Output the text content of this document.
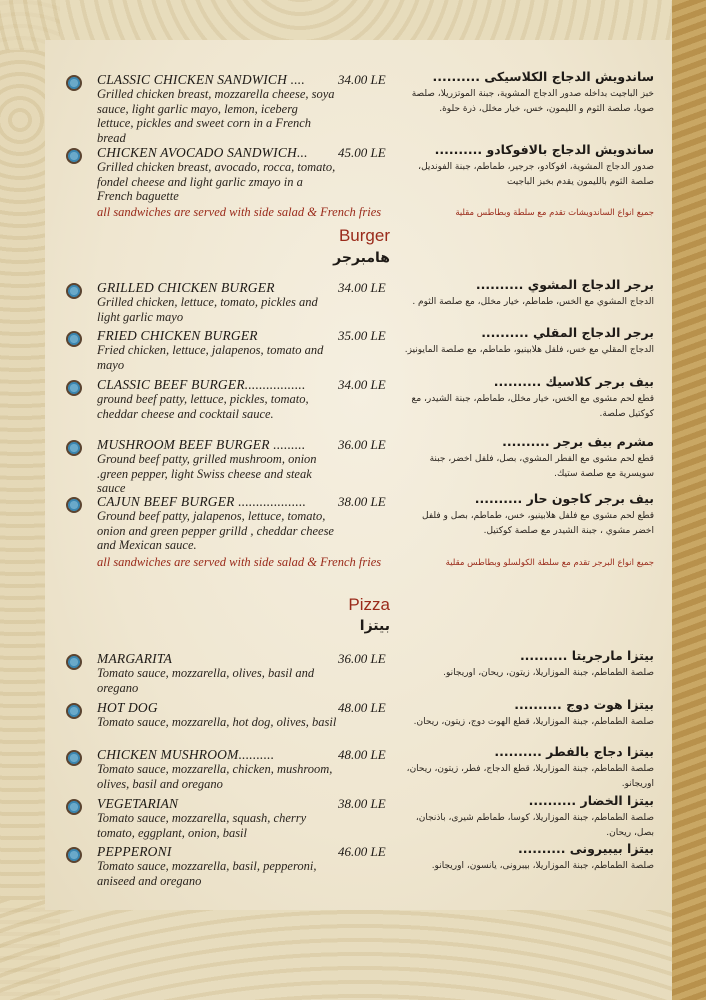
all sandwiches are served with side salad & French fries	جميع انواع الساندويشات تقدم مع سلطة وبطاطس مقلية
Burger
هامبرجر
all sandwiches are served with side salad & French fries	جميع انواع البرجر تقدم مع سلطة الكولسلو وبطاطس مقلية
Pizza
بيتزا
CLASSIC CHICKEN SANDWICH ....
Grilled chicken breast, mozzarella cheese, soya sauce, light garlic mayo, lemon, iceberg lettuce, pickles and sweet corn in a French bread
34.00 LE	ساندويش الدجاج الكلاسيكى ..........
خبز الباجيت بداخله صدور الدجاج المشوية، جبنة الموتزريلا، صلصة صويا، صلصة الثوم و الليمون، خس، خيار مخلل، ذرة حلوة.
CHICKEN AVOCADO SANDWICH...
Grilled chicken breast, avocado, rocca, tomato, fondel cheese and light garlic zmayo in a French baguette
45.00 LE	ساندويش الدجاج بالافوكادو ..........
صدور الدجاج المشوية، افوكادو، جرجير، طماطم، جبنة الفونديل، صلصة الثوم بالليمون يقدم بخبز الباجيت
GRILLED CHICKEN BURGER
Grilled chicken, lettuce, tomato, pickles and light garlic mayo
34.00 LE	برجر الدجاج المشوي ..........
الدجاج المشوي مع الخس، طماطم، خيار مخلل، مع صلصة الثوم .
FRIED CHICKEN BURGER
Fried chicken, lettuce, jalapenos, tomato and mayo
35.00 LE	برجر الدجاج المقلي ..........
الدجاج المقلي مع خس، فلفل هلابينيو، طماطم، مع صلصة المايونيز.
CLASSIC BEEF BURGER.................
ground beef patty, lettuce, pickles, tomato, cheddar cheese and cocktail sauce.
34.00 LE	بيف برجر كلاسيك ..........
قطع لحم مشوى مع الخس، خيار مخلل، طماطم، جبنة الشيدر، مع كوكتيل صلصة.
MUSHROOM BEEF BURGER .........
Ground beef patty, grilled mushroom, onion .green pepper, light Swiss cheese and steak sauce
36.00 LE	مشرم بيف برجر ..........
قطع لحم مشوى مع الفطر المشوي، بصل، فلفل اخضر، جبنة سويسرية مع صلصة ستيك.
CAJUN BEEF BURGER ...................
Ground beef patty, jalapenos, lettuce, tomato, onion and green pepper grilld , cheddar cheese and Mexican sauce.
38.00 LE	بيف برجر كاجون حار ..........
قطع لحم مشوى مع فلفل هلابينيو، خس، طماطم، بصل و فلفل اخضر مشوي ، جبنة الشيدر مع صلصة كوكتيل.
MARGARITA
Tomato sauce, mozzarella, olives, basil and oregano
36.00 LE	بيتزا مارجريتا ..........
صلصة الطماطم، جبنة الموزاريلا، زيتون، ريحان، اوريجانو.
HOT DOG
Tomato sauce, mozzarella, hot dog, olives, basil
48.00 LE	بيتزا هوت دوج ..........
صلصة الطماطم، جبنة الموزاريلا، قطع الهوت دوج، زيتون، ريحان.
CHICKEN MUSHROOM..........
Tomato sauce, mozzarella, chicken, mushroom, olives, basil and oregano
48.00 LE	بيتزا دجاج بالفطر ..........
صلصة الطماطم، جبنة الموزاريلا، قطع الدجاج، فطر، زيتون، ريحان، اوريجانو.
VEGETARIAN
Tomato sauce, mozzarella, squash, cherry tomato, eggplant, onion, basil
38.00 LE	بيتزا الخضار ..........
صلصة الطماطم، جبنة الموزاريلا، كوسا، طماطم شيرى، باذنجان، بصل، ريحان.
PEPPERONI
Tomato sauce, mozzarella, basil, pepperoni, aniseed and oregano
46.00 LE	بيتزا بيبيرونى ..........
صلصة الطماطم، جبنة الموزاريلا، بيبرونى، يانسون، اوريجانو.
